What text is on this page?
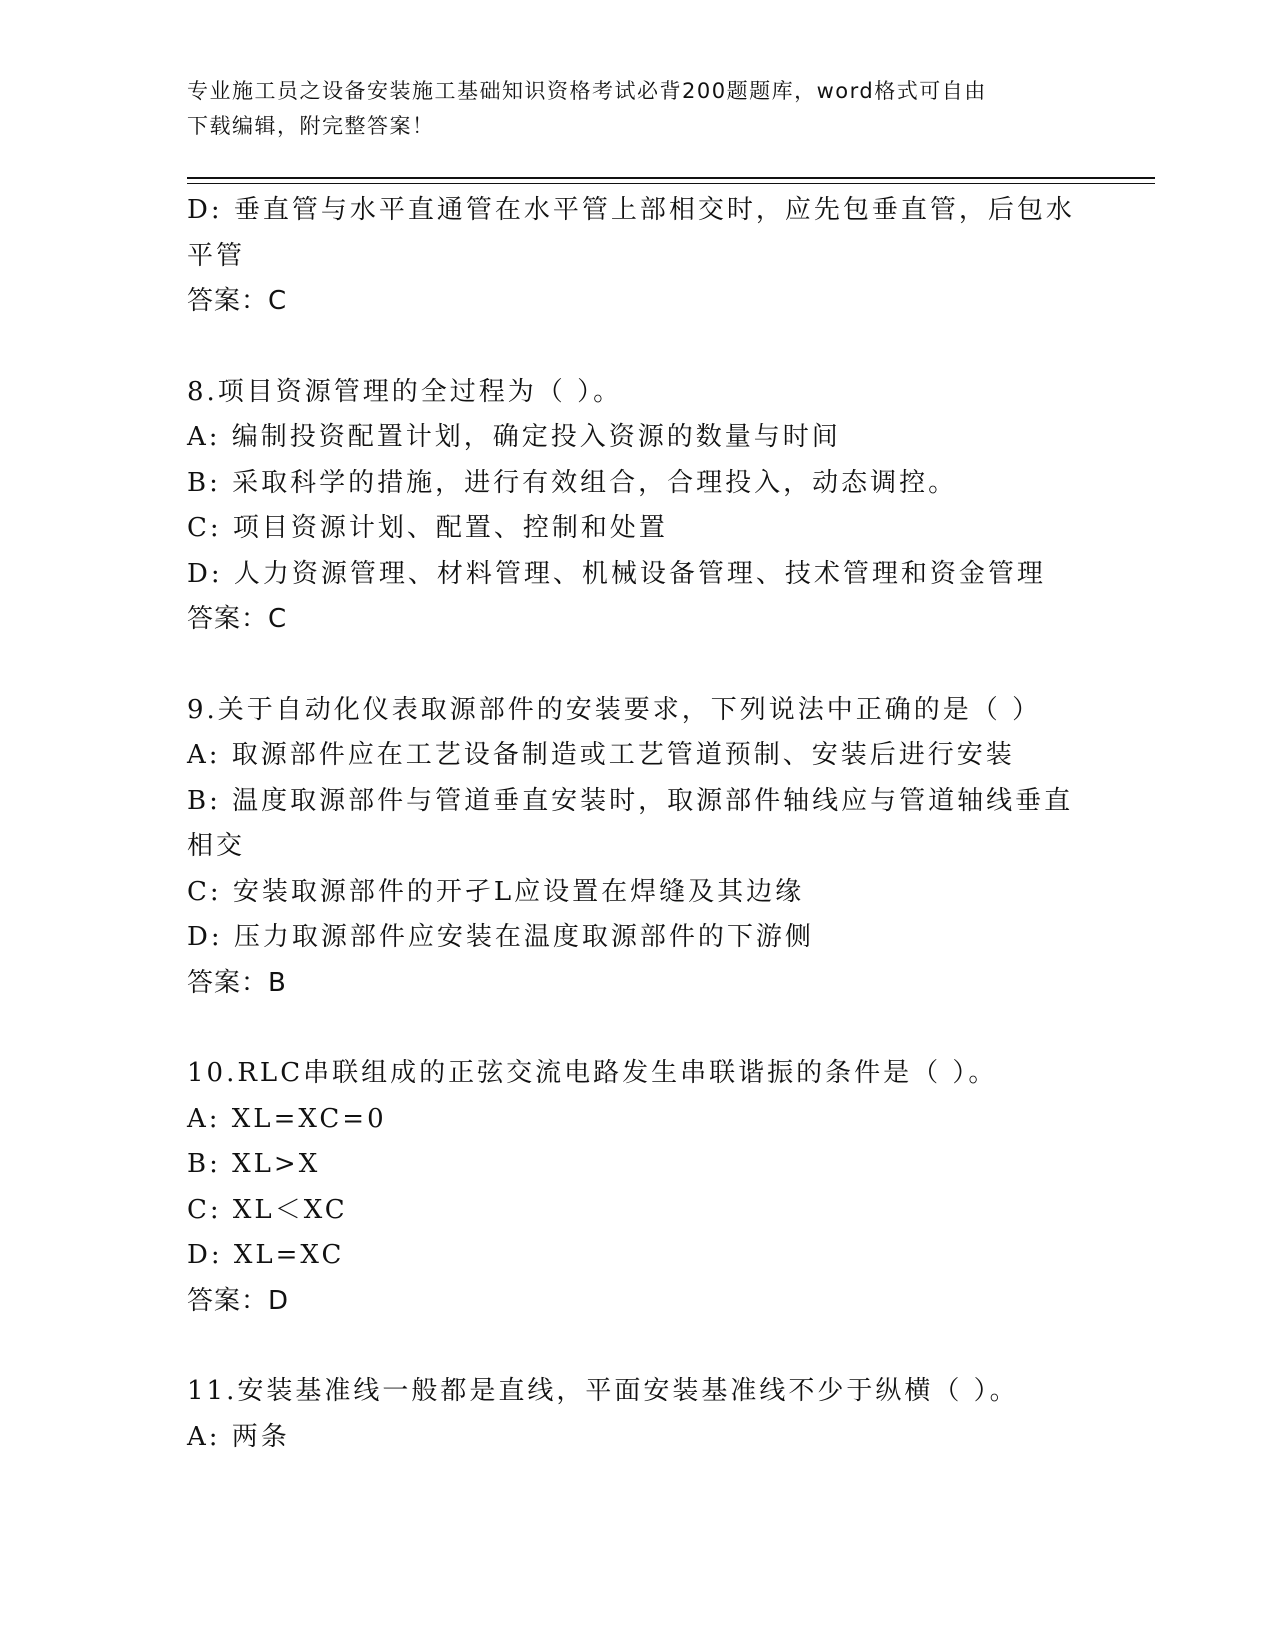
专业施工员之设备安装施工基础知识资格考试必背200题题库，word格式可自由
下载编辑，附完整答案！
D: 垂直管与水平直通管在水平管上部相交时，应先包垂直管，后包水
平管
答案：C
8.项目资源管理的全过程为（ ）。
A: 编制投资配置计划，确定投入资源的数量与时间
B: 采取科学的措施，进行有效组合，合理投入，动态调控。
C: 项目资源计划、配置、控制和处置
D: 人力资源管理、材料管理、机械设备管理、技术管理和资金管理
答案：C
9.关于自动化仪表取源部件的安装要求，下列说法中正确的是（ ）
A: 取源部件应在工艺设备制造或工艺管道预制、安装后进行安装
B: 温度取源部件与管道垂直安装时，取源部件轴线应与管道轴线垂直
相交
C: 安装取源部件的开孑L应设置在焊缝及其边缘
D: 压力取源部件应安装在温度取源部件的下游侧
答案：B
10.RLC串联组成的正弦交流电路发生串联谐振的条件是（ ）。
A: XL=XC=0
B: XL>X
C: XL＜XC
D: XL=XC
答案：D
11.安装基准线一般都是直线，平面安装基准线不少于纵横（ ）。
A: 两条
